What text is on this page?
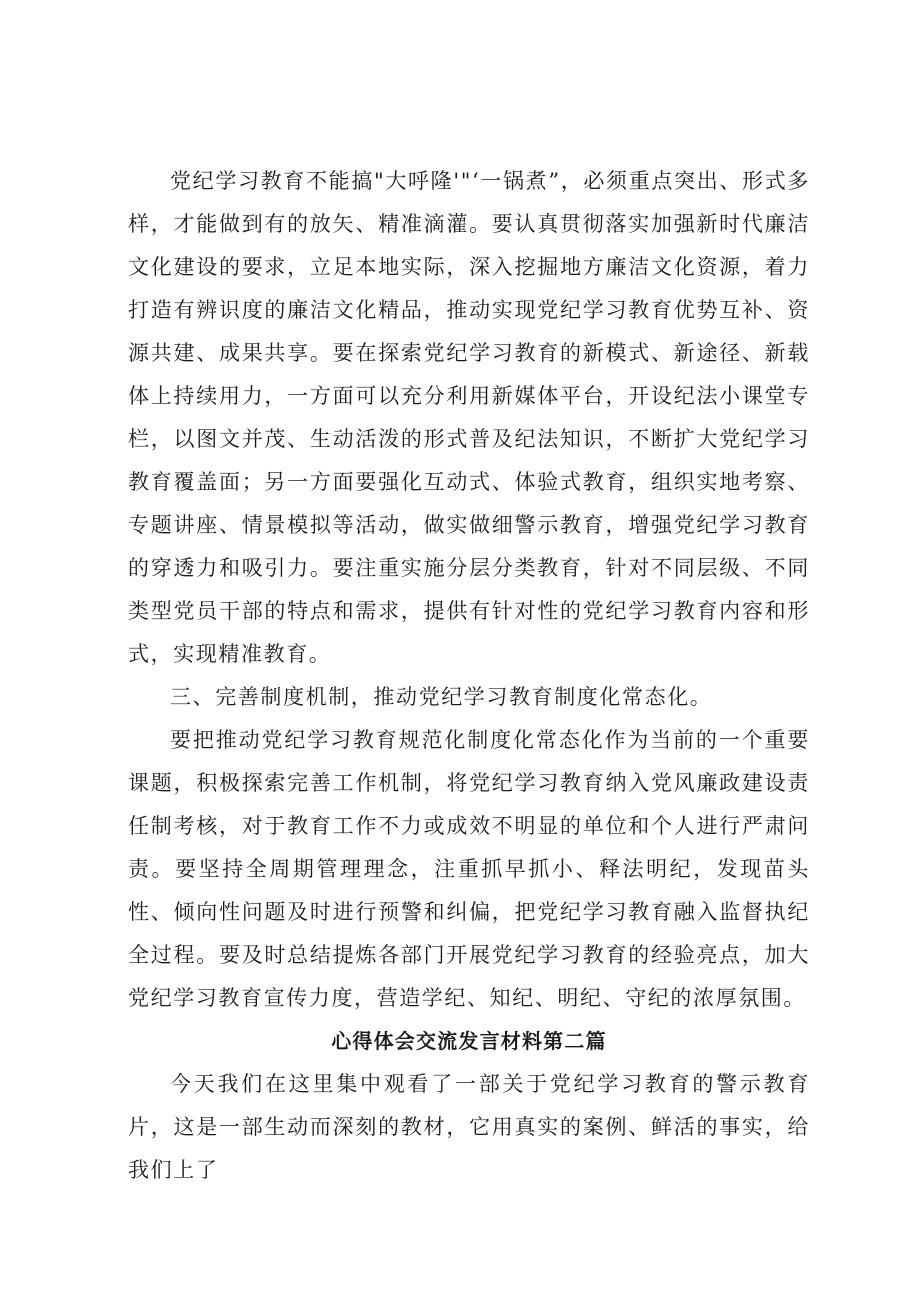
党纪学习教育不能搞"大呼隆'"‘一锅煮”，必须重点突出、形式多样，才能做到有的放矢、精准滴灌。要认真贯彻落实加强新时代廉洁文化建设的要求，立足本地实际，深入挖掘地方廉洁文化资源，着力打造有辨识度的廉洁文化精品，推动实现党纪学习教育优势互补、资源共建、成果共享。要在探索党纪学习教育的新模式、新途径、新载体上持续用力，一方面可以充分利用新媒体平台，开设纪法小课堂专栏，以图文并茂、生动活泼的形式普及纪法知识，不断扩大党纪学习教育覆盖面；另一方面要强化互动式、体验式教育，组织实地考察、专题讲座、情景模拟等活动，做实做细警示教育，增强党纪学习教育的穿透力和吸引力。要注重实施分层分类教育，针对不同层级、不同类型党员干部的特点和需求，提供有针对性的党纪学习教育内容和形式，实现精准教育。

三、完善制度机制，推动党纪学习教育制度化常态化。

要把推动党纪学习教育规范化制度化常态化作为当前的一个重要课题，积极探索完善工作机制，将党纪学习教育纳入党风廉政建设责任制考核，对于教育工作不力或成效不明显的单位和个人进行严肃问责。要坚持全周期管理理念，注重抓早抓小、释法明纪，发现苗头性、倾向性问题及时进行预警和纠偏，把党纪学习教育融入监督执纪全过程。要及时总结提炼各部门开展党纪学习教育的经验亮点，加大党纪学习教育宣传力度，营造学纪、知纪、明纪、守纪的浓厚氛围。

心得体会交流发言材料第二篇

今天我们在这里集中观看了一部关于党纪学习教育的警示教育片，这是一部生动而深刻的教材，它用真实的案例、鲜活的事实，给我们上了
